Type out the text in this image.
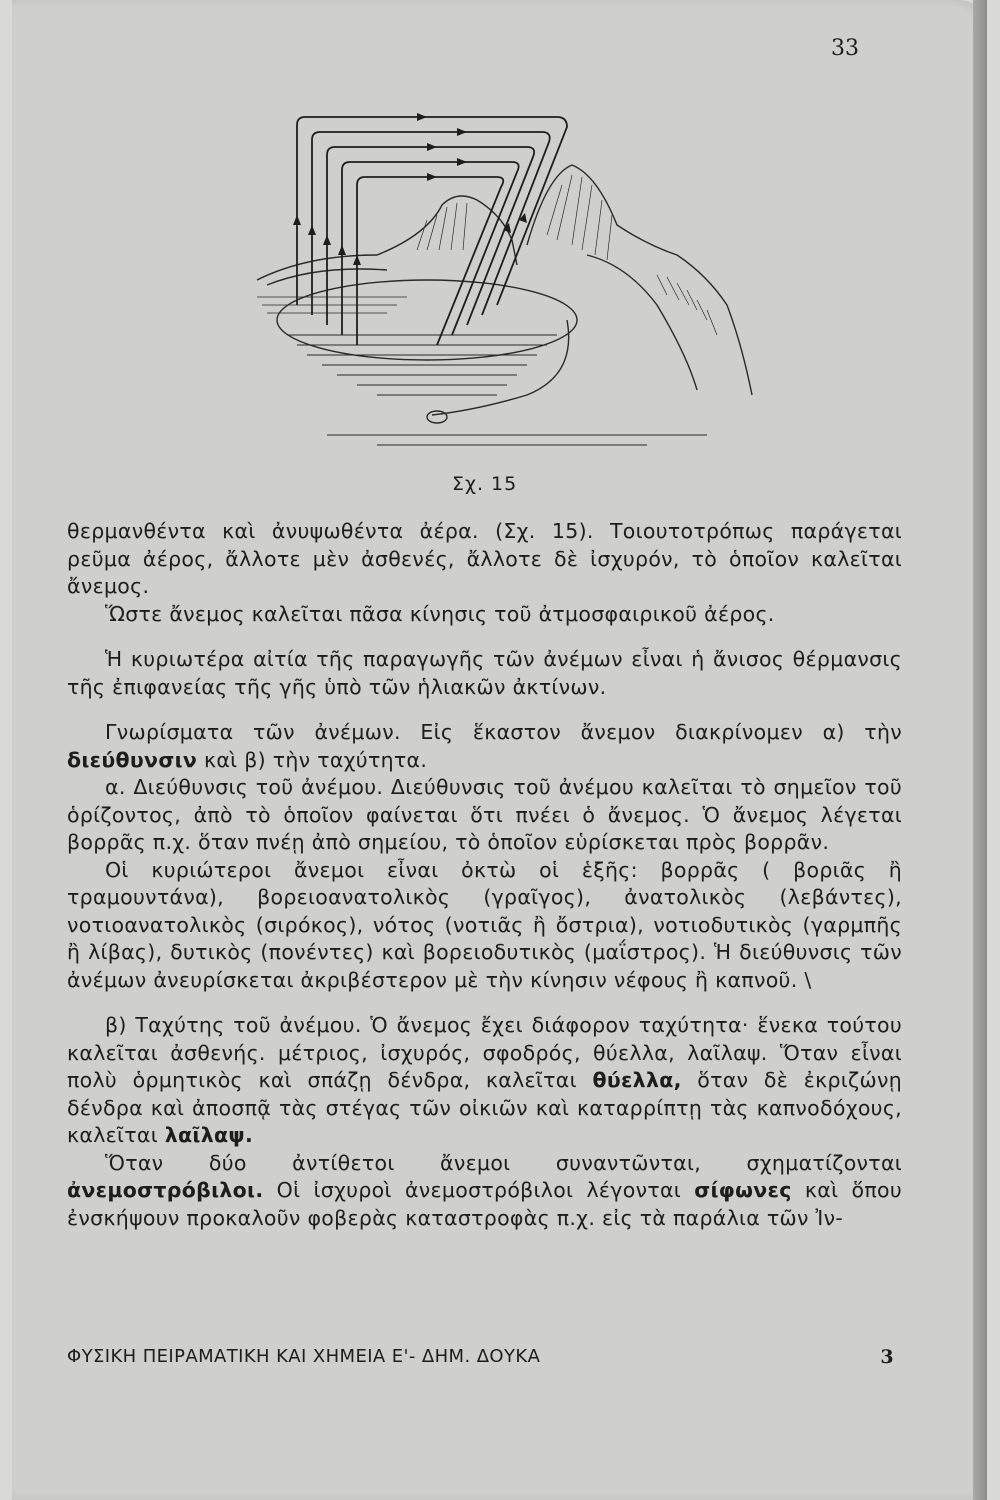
33
Σχ. 15

θερμανθέντα καὶ ἀνυψωθέντα ἀέρα. (Σχ. 15). Τοιουτοτρόπως παράγεται ρεῦμα ἀέρος, ἄλλοτε μὲν ἀσθενές, ἄλλοτε δὲ ἰσχυρόν, τὸ ὁποῖον καλεῖται ἄνεμος.

Ὥστε ἄνεμος καλεῖται πᾶσα κίνησις τοῦ ἀτμοσφαιρικοῦ ἀέρος.

Ἡ κυριωτέρα αἰτία τῆς παραγωγῆς τῶν ἀνέμων εἶναι ἡ ἄνισος θέρμανσις τῆς ἐπιφανείας τῆς γῆς ὑπὸ τῶν ἡλιακῶν ἀκτίνων.

Γνωρίσματα τῶν ἀνέμων. Εἰς ἕκαστον ἄνεμον διακρίνομεν α) τὴν διεύθυνσιν καὶ β) τὴν ταχύτητα.

α. Διεύθυνσις τοῦ ἀνέμου. Διεύθυνσις τοῦ ἀνέμου καλεῖται τὸ σημεῖον τοῦ ὁρίζοντος, ἀπὸ τὸ ὁποῖον φαίνεται ὅτι πνέει ὁ ἄνεμος. Ὁ ἄνεμος λέγεται βορρᾶς π.χ. ὅταν πνέῃ ἀπὸ σημείου, τὸ ὁποῖον εὑρίσκεται πρὸς βορρᾶν.

Οἱ κυριώτεροι ἄνεμοι εἶναι ὀκτὼ οἱ ἑξῆς: βορρᾶς ( βοριᾶς ἢ τραμουντάνα), βορειοανατολικὸς (γραῖγος), ἀνατολικὸς (λεβάντες), νοτιοανατολικὸς (σιρόκος), νότος (νοτιᾶς ἢ ὄστρια), νοτιοδυτικὸς (γαρμπῆς ἢ λίβας), δυτικὸς (πονέντες) καὶ βορειοδυτικὸς (μαΐστρος). Ἡ διεύθυνσις τῶν ἀνέμων ἀνευρίσκεται ἀκριβέστερον μὲ τὴν κίνησιν νέφους ἢ καπνοῦ. \

β) Ταχύτης τοῦ ἀνέμου. Ὁ ἄνεμος ἔχει διάφορον ταχύτητα· ἕνεκα τούτου καλεῖται ἀσθενής. μέτριος, ἰσχυρός, σφοδρός, θύελλα, λαῖλαψ. Ὅταν εἶναι πολὺ ὁρμητικὸς καὶ σπάζῃ δένδρα, καλεῖται θύελλα, ὅταν δὲ ἐκριζώνῃ δένδρα καὶ ἀποσπᾷ τὰς στέγας τῶν οἰκιῶν καὶ καταρρίπτῃ τὰς καπνοδόχους, καλεῖται λαῖλαψ.

Ὅταν δύο ἀντίθετοι ἄνεμοι συναντῶνται, σχηματίζονται ἀνεμοστρόβιλοι. Οἱ ἰσχυροὶ ἀνεμοστρόβιλοι λέγονται σίφωνες καὶ ὅπου ἐνσκήψουν προκαλοῦν φοβερὰς καταστροφὰς π.χ. εἰς τὰ παράλια τῶν Ἰν-

ΦΥΣΙΚΗ ΠΕΙΡΑΜΑΤΙΚΗ ΚΑΙ ΧΗΜΕΙΑ Ε'- ΔΗΜ. ΔΟΥΚΑ	3
